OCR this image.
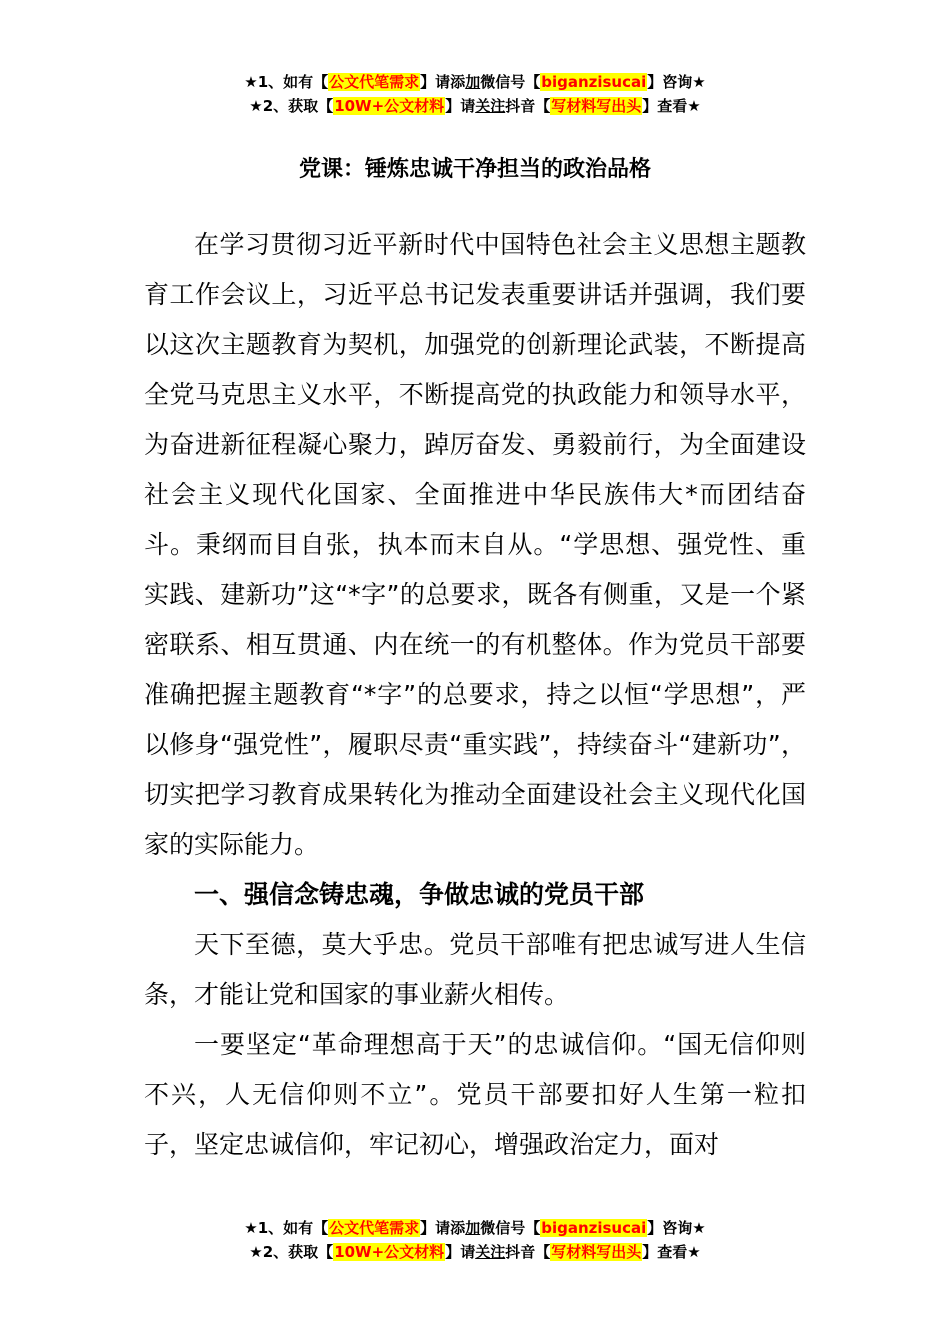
★1、如有【公文代笔需求】请添加微信号【biganzisucai】咨询★
★2、获取【10W+公文材料】请关注抖音【写材料写出头】查看★
党课：锤炼忠诚干净担当的政治品格

在学习贯彻习近平新时代中国特色社会主义思想主题教育工作会议上，习近平总书记发表重要讲话并强调，我们要以这次主题教育为契机，加强党的创新理论武装，不断提高全党马克思主义水平，不断提高党的执政能力和领导水平，为奋进新征程凝心聚力，踔厉奋发、勇毅前行，为全面建设社会主义现代化国家、全面推进中华民族伟大*而团结奋斗。秉纲而目自张，执本而末自从。“学思想、强党性、重实践、建新功”这“*字”的总要求，既各有侧重，又是一个紧密联系、相互贯通、内在统一的有机整体。作为党员干部要准确把握主题教育“*字”的总要求，持之以恒“学思想”，严以修身“强党性”，履职尽责“重实践”，持续奋斗“建新功”，切实把学习教育成果转化为推动全面建设社会主义现代化国家的实际能力。

一、强信念铸忠魂，争做忠诚的党员干部

天下至德，莫大乎忠。党员干部唯有把忠诚写进人生信条，才能让党和国家的事业薪火相传。

一要坚定“革命理想高于天”的忠诚信仰。“国无信仰则不兴，人无信仰则不立”。党员干部要扣好人生第一粒扣子，坚定忠诚信仰，牢记初心，增强政治定力，面对

★1、如有【公文代笔需求】请添加微信号【biganzisucai】咨询★
★2、获取【10W+公文材料】请关注抖音【写材料写出头】查看★
